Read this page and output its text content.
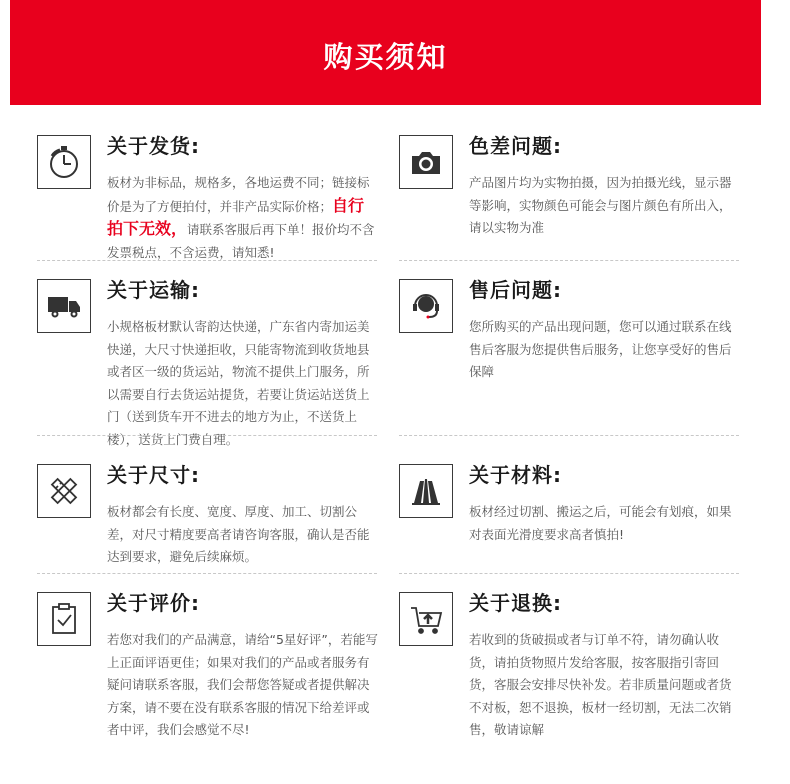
购买须知
关于发货:
板材为非标品，规格多，各地运费不同；链接标价是为了方便拍付，并非产品实际价格；自行拍下无效，请联系客服后再下单！报价均不含发票税点，不含运费，请知悉!
色差问题:
产品图片均为实物拍摄，因为拍摄光线，显示器等影响，实物颜色可能会与图片颜色有所出入，请以实物为准
关于运输:
小规格板材默认寄韵达快递，广东省内寄加运美快递，大尺寸快递拒收，只能寄物流到收货地县或者区一级的货运站，物流不提供上门服务，所以需要自行去货运站提货，若要让货运站送货上门（送到货车开不进去的地方为止，不送货上楼），送货上门费自理。
售后问题:
您所购买的产品出现问题，您可以通过联系在线售后客服为您提供售后服务，让您享受好的售后保障
关于尺寸:
板材都会有长度、宽度、厚度、加工、切割公差，对尺寸精度要高者请咨询客服，确认是否能达到要求，避免后续麻烦。
关于材料:
板材经过切割、搬运之后，可能会有划痕，如果对表面光滑度要求高者慎拍!
关于评价:
若您对我们的产品满意，请给“5星好评”，若能写上正面评语更佳；如果对我们的产品或者服务有疑问请联系客服，我们会帮您答疑或者提供解决方案，请不要在没有联系客服的情况下给差评或者中评，我们会感觉不尽!
关于退换:
若收到的货破损或者与订单不符，请勿确认收货，请拍货物照片发给客服，按客服指引寄回货，客服会安排尽快补发。若非质量问题或者货不对板，恕不退换，板材一经切割，无法二次销售，敬请谅解
